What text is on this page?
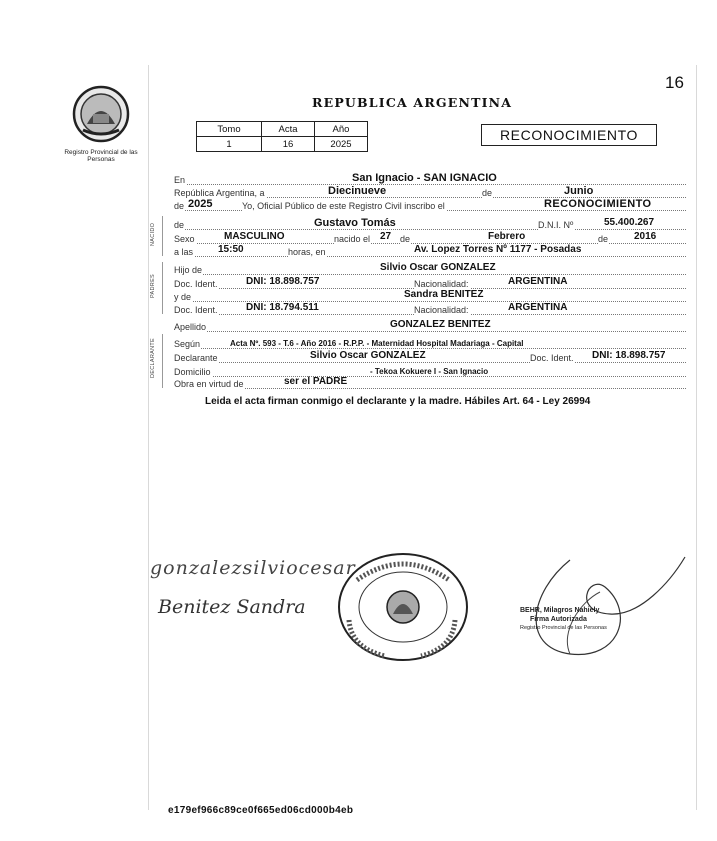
16
Registro Provincial de las Personas
REPUBLICA ARGENTINA
Tomo	Acta	Año
1	16	2025
RECONOCIMIENTO
NACIDO
PADRES
DECLARANTE
En	San Ignacio - SAN IGNACIO
República Argentina, a	Diecinueve	de	Junio
de 2025	Yo, Oficial Público de este Registro Civil inscribo el	RECONOCIMIENTO
de	Gustavo Tomás	D.N.I. Nº	55.400.267
Sexo	MASCULINO	nacido el 27 de	Febrero	de	2016
a las 15:50	horas, en	Av. Lopez Torres Nº 1177 - Posadas
Hijo de	Silvio Oscar GONZALEZ
Doc. Ident.	DNI: 18.898.757	Nacionalidad:	ARGENTINA
y de	Sandra BENITEZ
Doc. Ident.	DNI: 18.794.511	Nacionalidad:	ARGENTINA
Apellido	GONZALEZ BENITEZ
Según	Acta Nº. 593 - T.6 - Año 2016 - R.P.P. - Maternidad Hospital Madariaga - Capital
Declarante	Silvio Oscar GONZALEZ	Doc. Ident. DNI: 18.898.757
Domicilio	- Tekoa Kokuere I - San Ignacio
Obra en virtud de	ser el PADRE
Leida el acta firman conmigo el declarante y la madre. Hábiles Art. 64 - Ley 26994
gonzalezsilviocesar
Benitez Sandra	BEHR, Milagros Nahiely
Firma Autorizada
Registro Provincial de las Personas
e179ef966c89ce0f665ed06cd000b4eb
